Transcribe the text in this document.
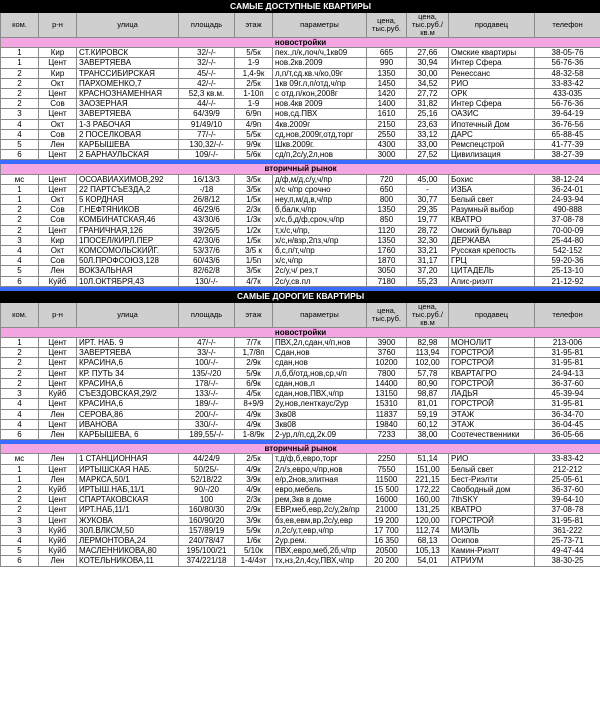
САМЫЕ ДОСТУПНЫЕ КВАРТИРЫ									
ком.	р-н	улица	площадь	этаж	параметры	цена, тыс.руб.	цена, тыс.руб./кв.м	продавец	телефон
новостройки									
1	Кир	СТ.КИРОВСК	32/-/-	5/5к	пех.,п/к,лоч/ч,1кв09	665	27,66	Омские квартиры	38-05-76
1	Цент	ЗАВЕРТЯЕВА	32/-/-	1-9	нов.2кв.2009	990	30,94	Интер Сфера	56-76-36
2	Кир	ТРАНССИБИРСКАЯ	45/-/-	1,4-9к	л,п/т,сд.кв.ч/ко,09г	1350	30,00	Ренессанс	48-32-58
2	Окт	ПАРХОМЕНКО,7	42/-/-	2/5к	1кв 09г.л,п/отд,ч/пр	1450	34,52	РИО	33-83-42
2	Цент	КРАСНОЗНАМЕННАЯ	52,3 кв.м.	1-10п	с отд.п/кон,2008г	1420	27,72	ОРК	433-035
2	Сов	ЗАОЗЕРНАЯ	44/-/-	1-9	нов.4кв 2009	1400	31,82	Интер Сфера	56-76-36
3	Цент	ЗАВЕРТЯЕВА	64/39/9	6/9п	нов,сд.ПВХ	1610	25,16	ОАЗИС	39-64-19
4	Окт	1-3 РАБОЧАЯ	91/49/10	4/9п	4кв.2009г	2150	23,63	Ипотечный Дом	36-76-56
4	Сов	2 ПОСЕЛКОВАЯ	77/-/-	5/5к	сд,нов,2009г,отд,торг	2550	33,12	ДАРС	65-88-45
5	Лен	КАРБЫШЕВА	130,32/-/-	9/9к	Шкв.2009г.	4300	33,00	Ремспецстрой	41-77-39
6	Цент	2 БАРНАУЛЬСКАЯ	109/-/-	5/6к	сд/п,2с/у,2л,нов	3000	27,52	Цивилизация	38-27-39

вторичный рынок									
мс	Цент	ОСОАВИАХИМОВ,292	16/13/3	3/5к	д/ф,м/д,с/у,ч/пр	720	45,00	Бохис	38-12-24
1	Цент	22 ПАРТСЪЕЗДА,2	-/18	3/5к	х/с ч/пр срочно	650	-	ИЗБА	36-24-01
1	Окт	5 КОРДНАЯ	26/8/12	1/5к	неу,п,м/д,в,ч/пр	800	30,77	Белый свет	24-93-94
2	Сов	Г.НЕФТЯНИКОВ	46/29/6	2/3к	б,балк,ч/пр	1350	29,35	Разумный выбор	490-888
2	Сов	КОМБИНАТСКАЯ,46	43/30/6	1/3к	х/с,б,д/ф,сроч,ч/пр	850	19,77	КВАТРО	37-08-78
2	Цент	ГРАНИЧНАЯ,126	39/26/5	1/2к	т,х/с,ч/пр,	1120	28,72	Омский бульвар	70-00-09
3	Кир	1ПОСЕЛ/КИРЛ.ПЕР	42/30/6	1/5к	х/с,н/взр,2пз,ч/пр	1350	32,30	ДЕРЖАВА	25-44-80
4	Окт	КОМСОМОЛЬСКИЙГ.	53/37/6	3/5 к	б,с,п/т,ч/пр	1760	33,21	Русская крепость	542-152
4	Сов	50Л.ПРОФСОЮЗ,128	60/43/6	1/5п	х/с,ч/пр	1870	31,17	ГРЦ	59-20-36
5	Лен	ВОКЗАЛЬНАЯ	82/62/8	3/5к	2с/у,ч/ рез,т	3050	37,20	ЦИТАДЕЛЬ	25-13-10
6	Куйб	10Л.ОКТЯБРЯ,43	130/-/-	4/7к	2с/у,св.пл	7180	55,23	Алис-риэлт	21-12-92

САМЫЕ ДОРОГИЕ КВАРТИРЫ									
ком.	р-н	улица	площадь	этаж	параметры	цена, тыс.руб.	цена, тыс.руб./кв.м	продавец	телефон
новостройки									
1	Цент	ИРТ. НАБ. 9	47/-/-	7/7к	ПВХ,2л,сдан,ч/п,нов	3900	82,98	МОНОЛИТ	213-006
2	Цент	ЗАВЕРТЯЕВА	33/-/-	1,7/8п	Сдан,нов	3760	113,94	ГОРСТРОЙ	31-95-81
2	Цент	КРАСИНА,6	100/-/-	2/9к	сдан,нов	10200	102,00	ГОРСТРОЙ	31-95-81
2	Цент	КР. ПУТЬ 34	135/-/20	5/9к	л,б,б/отд,нов,ср,ч/п	7800	57,78	КВАРТАГРО	24-94-13
2	Цент	КРАСИНА,6	178/-/-	6/9к	сдан,нов,л	14400	80,90	ГОРСТРОЙ	36-37-60
3	Куйб	СЪЕЗДОВСКАЯ,29/2	133/-/-	4/5к	сдан,нов,ПВХ,ч/пр	13150	98,87	ЛАДЬЯ	45-39-94
4	Цент	КРАСИНА,6	189/-/-	8+9/9	2у,нов,ленткаус/2ур	15310	81,01	ГОРСТРОЙ	31-95-81
4	Лен	СЕРОВА,86	200/-/-	4/9к	3кв08	11837	59,19	ЭТАЖ	36-34-70
4	Цент	ИВАНОВА	330/-/-	4/9к	3кв08	19840	60,12	ЭТАЖ	36-04-45
6	Лен	КАРБЫШЕВА, 6	189,55/-/-	1-8/9к	2-ур,л/п,сд,2к.09	7233	38,00	Соотечественники	36-05-66

вторичный рынок									
мс	Лен	1 СТАНЦИОННАЯ	44/24/9	2/5к	т,д/ф,б,евро,торг	2250	51,14	РИО	33-83-42
1	Цент	ИРТЫШСКАЯ НАБ.	50/25/-	4/9к	2л/з,евро,ч/пр,нов	7550	151,00	Белый свет	212-212
1	Лен	МАРКСА,50/1	52/18/22	3/9к	е/р,2нов,элитная	11500	221,15	Бест-Риэлти	25-05-61
2	Куйб	ИРТЫШ.НАБ,11/1	90/-/20	4/9к	евро,мебель	15 500	172,22	Свободный дом	36-37-60
2	Цент	СПАРТАКОВСКАЯ	100	2/3к	рем,3кв в доме	16000	160,00	7thSKY	39-64-10
2	Цент	ИРТ.НАБ,11/1	160/80/30	2/9к	ЕВР,меб,евр,2с/у,2в/пр	21000	131,25	КВАТРО	37-08-78
3	Цент	ЖУКОВА	160/90/20	3/9к	бз,ев,евм,вр,2с/у,евр	19 200	120,00	ГОРСТРОЙ	31-95-81
3	Куйб	30Л.ВЛКСМ,50	157/89/19	5/9к	л,2с/у,т,евр,ч/пр	17 700	112,74	МИЭЛЬ	361-222
4	Куйб	ЛЕРМОНТОВА,24	240/78/47	1/6к	2ур.рем.	16 350	68,13	Осипов	25-73-71
5	Куйб	МАСЛЕННИКОВА,80	195/100/21	5/10к	ПВХ,евро,меб,2б,ч/пр	20500	105,13	Камин-Риэлт	49-47-44
6	Лен	КОТЕЛЬНИКОВА,11	374/221/18	1-4/4эт	тх,нз,2л,4су,ПВХ,ч/пр	20 200	54,01	АТРИУМ	38-30-25
